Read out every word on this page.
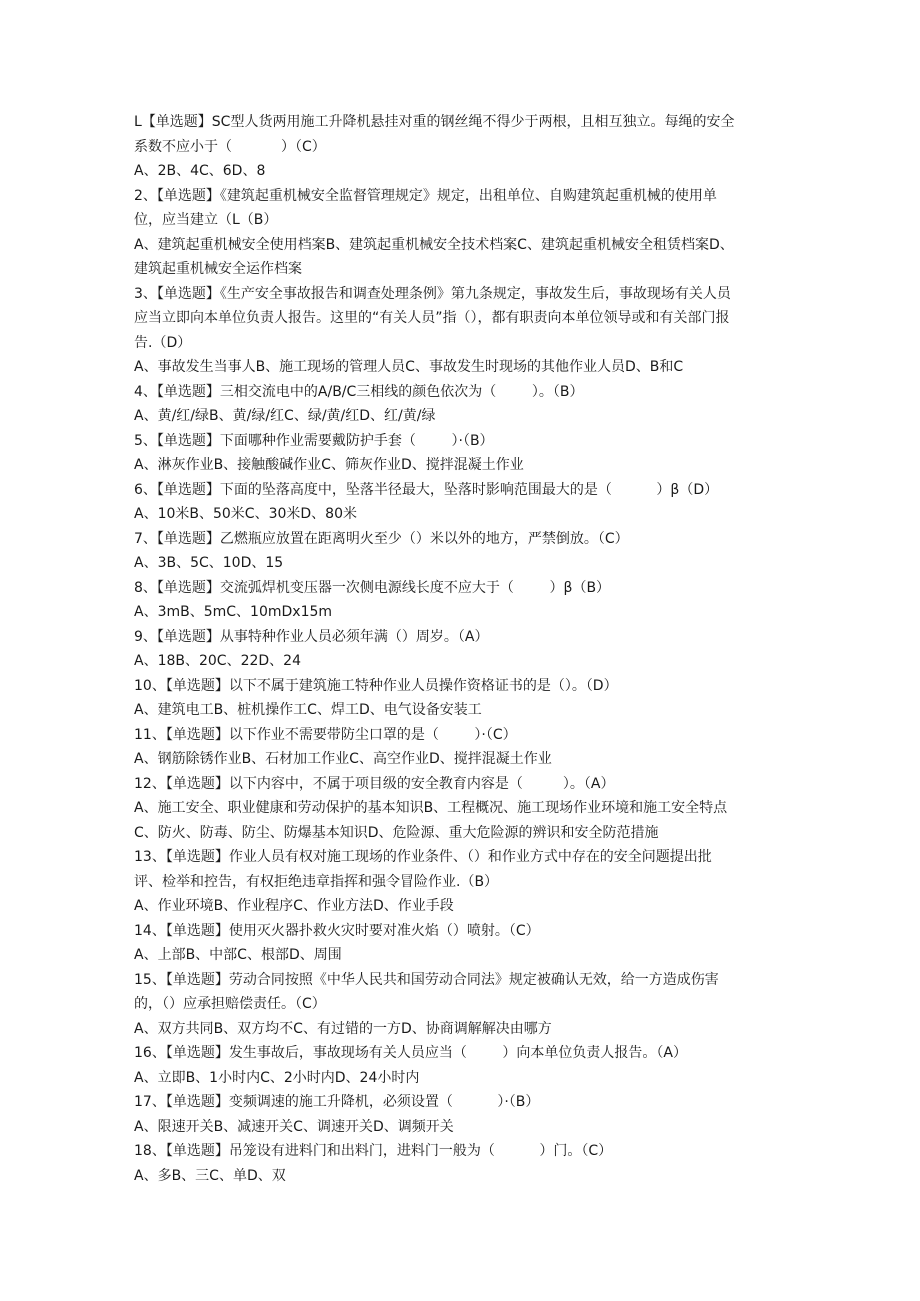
L【单选题】SC型人货两用施工升降机悬挂对重的钢丝绳不得少于两根，且相互独立。每绳的安全
系数不应小于（           ）（C）
A、2B、4C、6D、8
2、【单选题】《建筑起重机械安全监督管理规定》规定，出租单位、自购建筑起重机械的使用单
位，应当建立（L（B）
A、建筑起重机械安全使用档案B、建筑起重机械安全技术档案C、建筑起重机械安全租赁档案D、
建筑起重机械安全运作档案
3、【单选题】《生产安全事故报告和调查处理条例》第九条规定，事故发生后，事故现场有关人员
应当立即向本单位负责人报告。这里的“有关人员”指（），都有职责向本单位领导或和有关部门报
告.（D）
A、事故发生当事人B、施工现场的管理人员C、事故发生时现场的其他作业人员D、B和C
4、【单选题】三相交流电中的A/B/C三相线的颜色依次为（        ）。（B）
A、黄/红/绿B、黄/绿/红C、绿/黄/红D、红/黄/绿
5、【单选题】下面哪种作业需要戴防护手套（        ）·（B）
A、淋灰作业B、接触酸碱作业C、筛灰作业D、搅拌混凝土作业
6、【单选题】下面的坠落高度中，坠落半径最大，坠落时影响范围最大的是（          ）β（D）
A、10米B、50米C、30米D、80米
7、【单选题】乙燃瓶应放置在距离明火至少（）米以外的地方，严禁倒放。（C）
A、3B、5C、10D、15
8、【单选题】交流弧焊机变压器一次侧电源线长度不应大于（        ）β（B）
A、3mB、5mC、10mDx15m
9、【单选题】从事特种作业人员必须年满（）周岁。（A）
A、18B、20C、22D、24
10、【单选题】以下不属于建筑施工特种作业人员操作资格证书的是（）。（D）
A、建筑电工B、桩机操作工C、焊工D、电气设备安装工
11、【单选题】以下作业不需要带防尘口罩的是（        ）·（C）
A、钢筋除锈作业B、石材加工作业C、高空作业D、搅拌混凝土作业
12、【单选题】以下内容中，不属于项目级的安全教育内容是（         ）。（A）
A、施工安全、职业健康和劳动保护的基本知识B、工程概况、施工现场作业环境和施工安全特点
C、防火、防毒、防尘、防爆基本知识D、危险源、重大危险源的辨识和安全防范措施
13、【单选题】作业人员有权对施工现场的作业条件、（）和作业方式中存在的安全问题提出批
评、检举和控告，有权拒绝违章指挥和强令冒险作业.（B）
A、作业环境B、作业程序C、作业方法D、作业手段
14、【单选题】使用灭火器扑救火灾时要对准火焰（）喷射。（C）
A、上部B、中部C、根部D、周围
15、【单选题】劳动合同按照《中华人民共和国劳动合同法》规定被确认无效，给一方造成伤害
的，（）应承担赔偿责任。（C）
A、双方共同B、双方均不C、有过错的一方D、协商调解解决由哪方
16、【单选题】发生事故后，事故现场有关人员应当（        ）向本单位负责人报告。（A）
A、立即B、1小时内C、2小时内D、24小时内
17、【单选题】变频调速的施工升降机，必须设置（          ）·（B）
A、限速开关B、减速开关C、调速开关D、调频开关
18、【单选题】吊笼设有进料门和出料门，进料门一般为（          ）门。（C）
A、多B、三C、单D、双
